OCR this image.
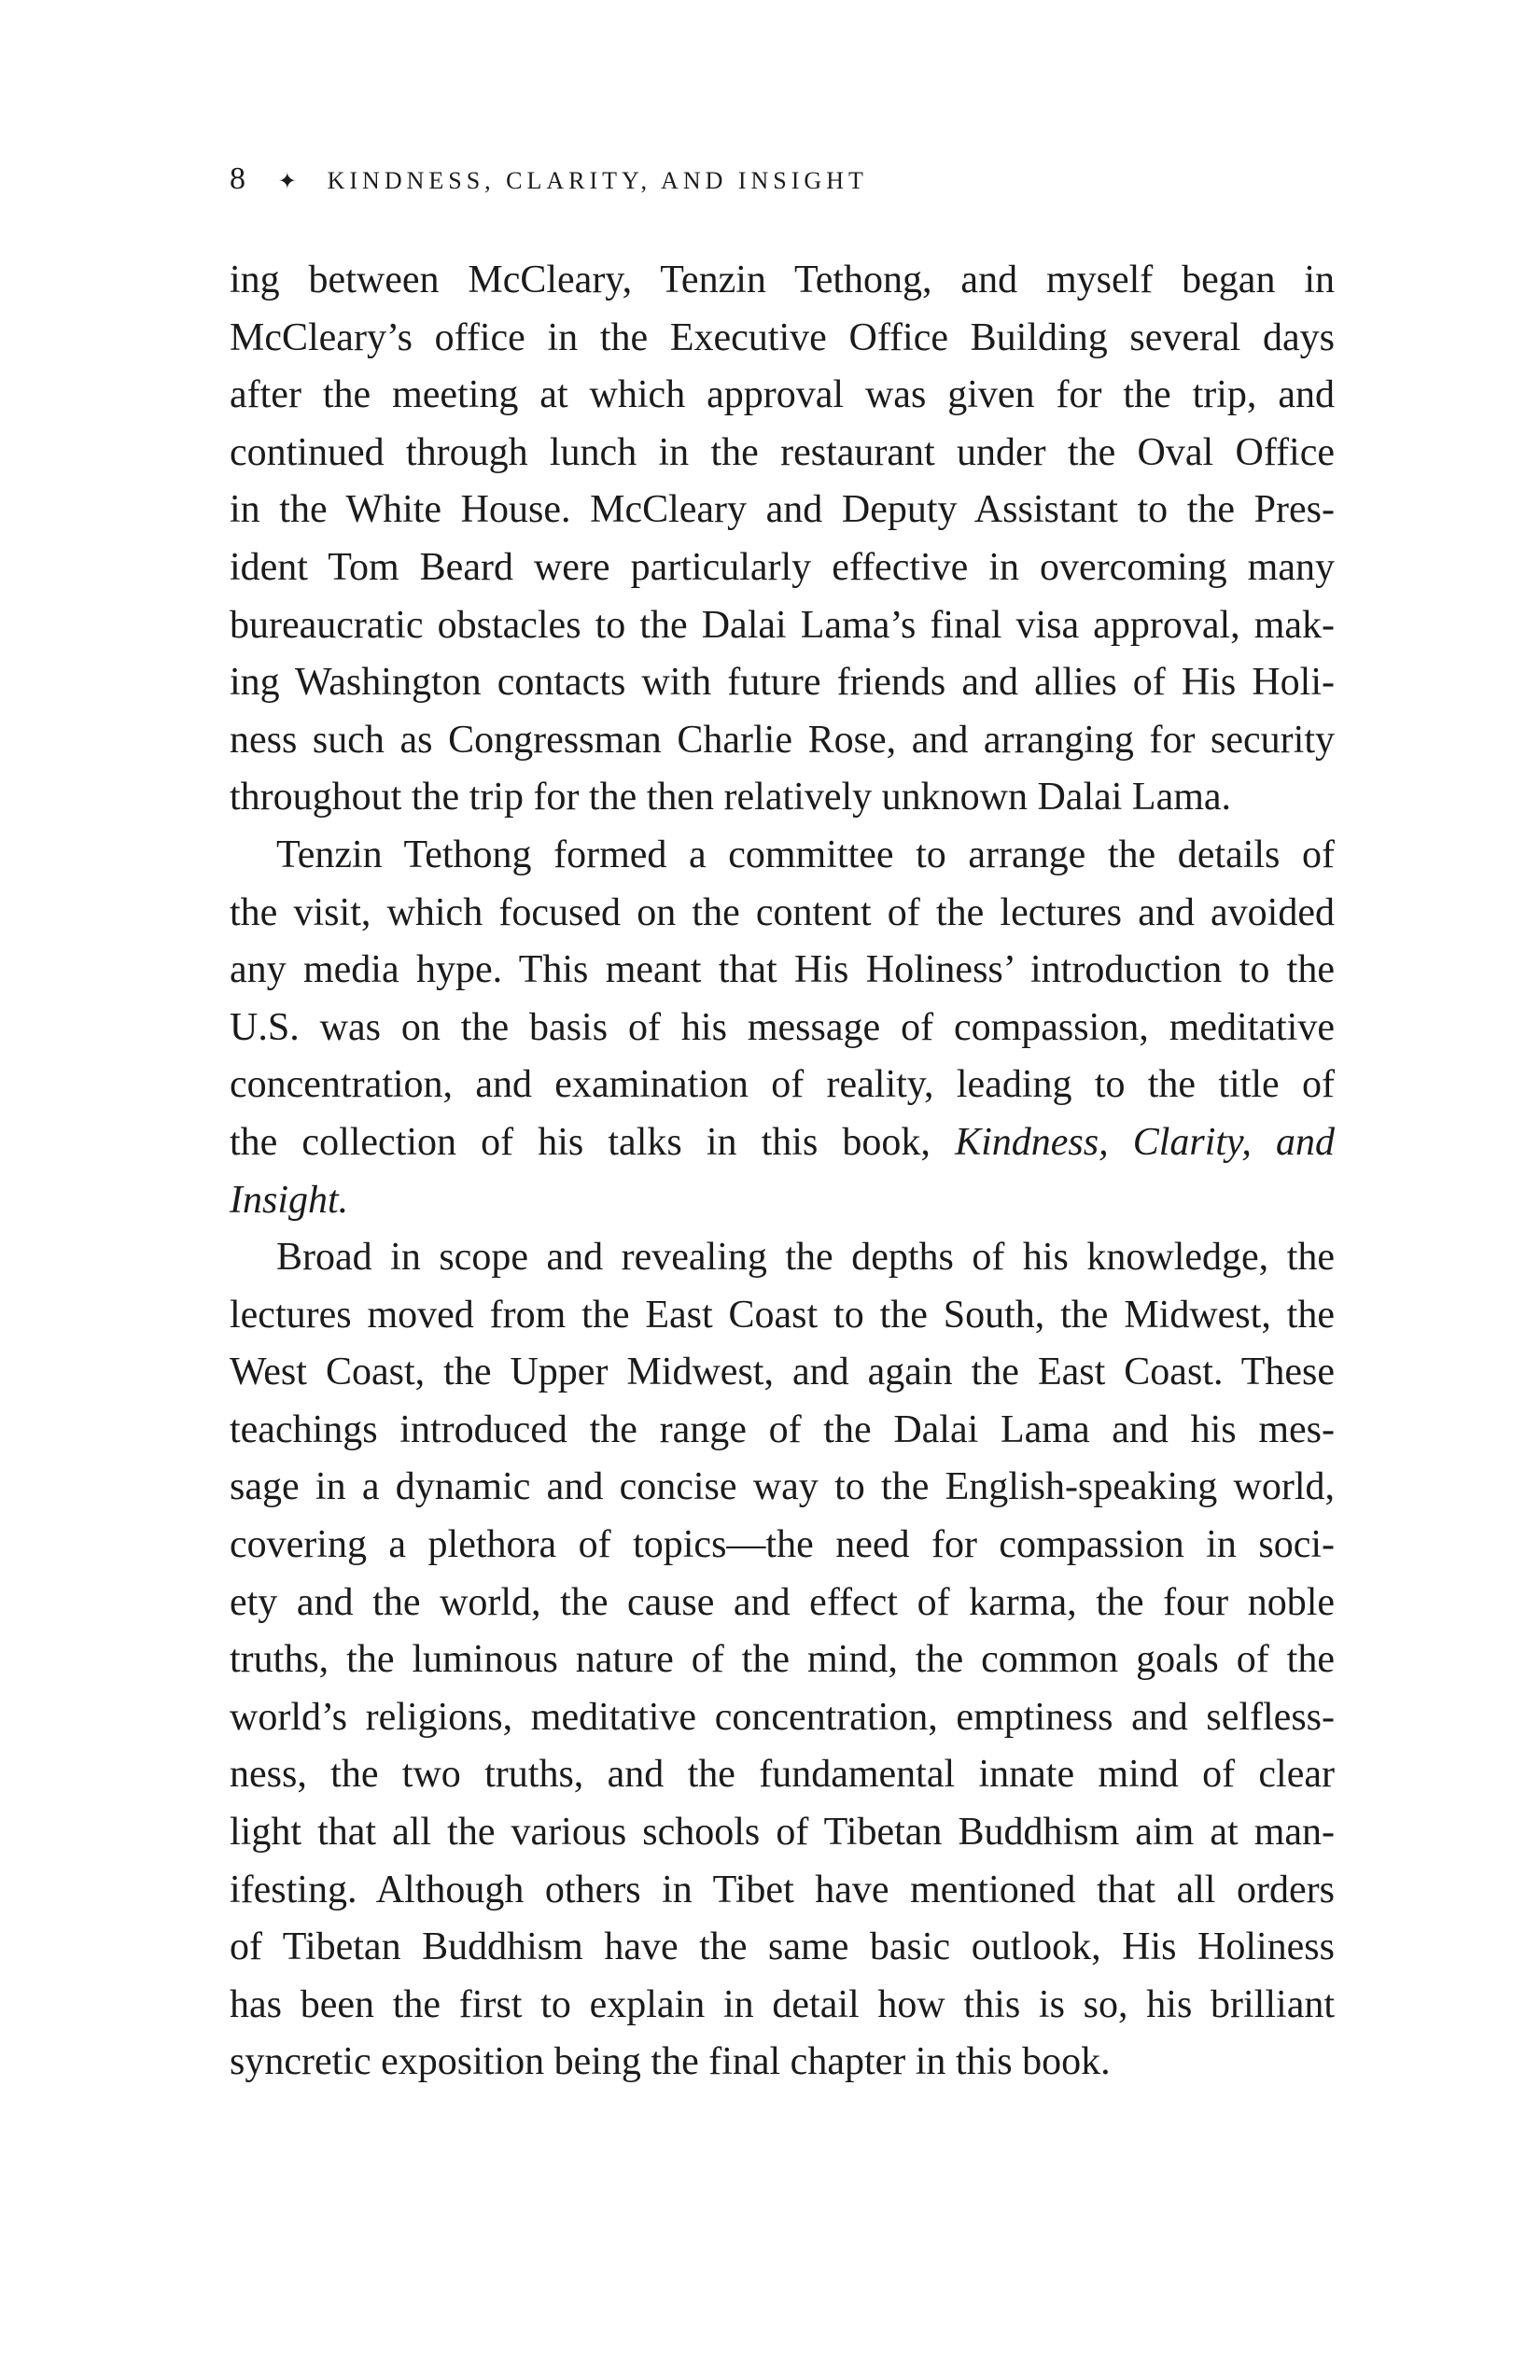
8 ✦ KINDNESS, CLARITY, AND INSIGHT
ing between McCleary, Tenzin Tethong, and myself began in
McCleary’s office in the Executive Office Building several days
after the meeting at which approval was given for the trip, and
continued through lunch in the restaurant under the Oval Office
in the White House. McCleary and Deputy Assistant to the Pres-
ident Tom Beard were particularly effective in overcoming many
bureaucratic obstacles to the Dalai Lama’s final visa approval, mak-
ing Washington contacts with future friends and allies of His Holi-
ness such as Congressman Charlie Rose, and arranging for security
throughout the trip for the then relatively unknown Dalai Lama.
Tenzin Tethong formed a committee to arrange the details of
the visit, which focused on the content of the lectures and avoided
any media hype. This meant that His Holiness’ introduction to the
U.S. was on the basis of his message of compassion, meditative
concentration, and examination of reality, leading to the title of
the collection of his talks in this book, Kindness, Clarity, and
Insight.
Broad in scope and revealing the depths of his knowledge, the
lectures moved from the East Coast to the South, the Midwest, the
West Coast, the Upper Midwest, and again the East Coast. These
teachings introduced the range of the Dalai Lama and his mes-
sage in a dynamic and concise way to the English-speaking world,
covering a plethora of topics—the need for compassion in soci-
ety and the world, the cause and effect of karma, the four noble
truths, the luminous nature of the mind, the common goals of the
world’s religions, meditative concentration, emptiness and selfless-
ness, the two truths, and the fundamental innate mind of clear
light that all the various schools of Tibetan Buddhism aim at man-
ifesting. Although others in Tibet have mentioned that all orders
of Tibetan Buddhism have the same basic outlook, His Holiness
has been the first to explain in detail how this is so, his brilliant
syncretic exposition being the final chapter in this book.
